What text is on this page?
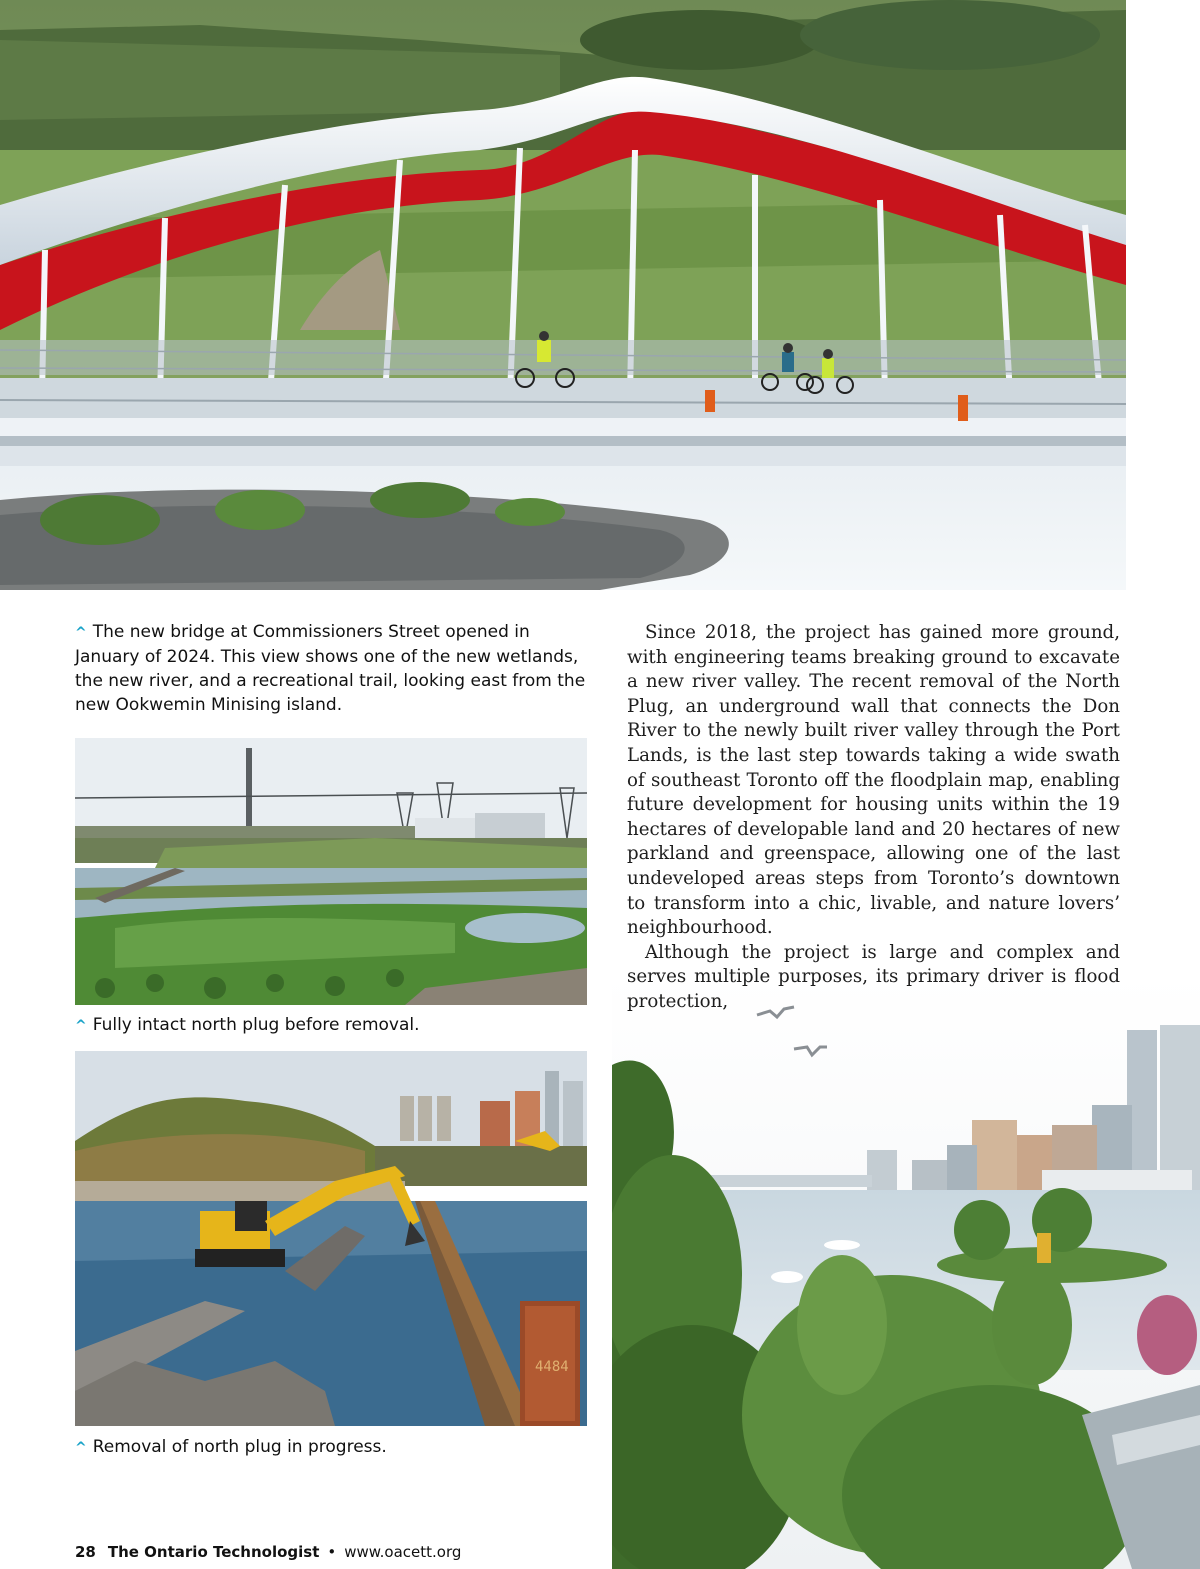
^ The new bridge at Commissioners Street opened in January of 2024. This view shows one of the new wetlands, the new river, and a recreational trail, looking east from the new Ookwemin Minising island.

Since 2018, the project has gained more ground, with engineering teams breaking ground to excavate a new river valley. The recent removal of the North Plug, an underground wall that connects the Don River to the newly built river valley through the Port Lands, is the last step towards taking a wide swath of southeast Toronto off the floodplain map, enabling future development for housing units within the 19 hectares of developable land and 20 hectares of new parkland and greenspace, allowing one of the last undeveloped areas steps from Toronto’s downtown to transform into a chic, livable, and nature lovers’ neighbourhood.

Although the project is large and complex and serves multiple purposes, its primary driver is flood protection,

^ Fully intact north plug before removal.
4484
^ Removal of north plug in progress.
28 The Ontario Technologist • www.oacett.org
